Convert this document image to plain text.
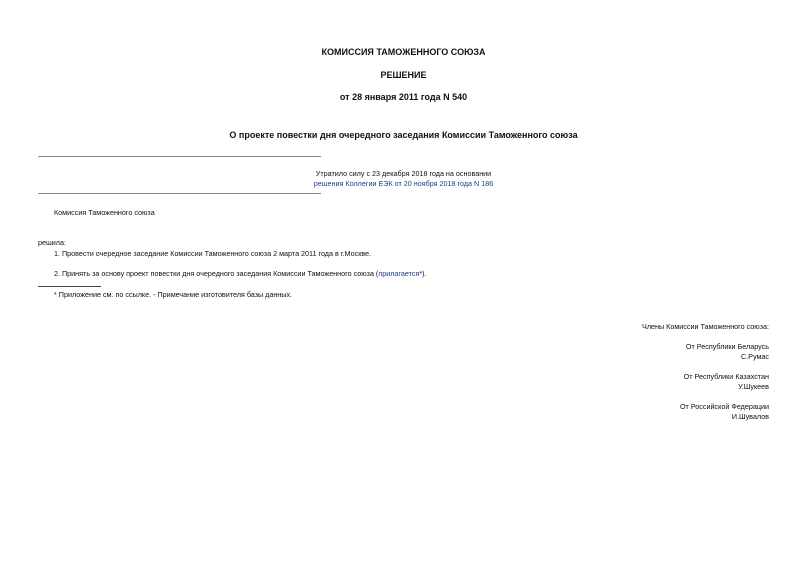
КОМИССИЯ ТАМОЖЕННОГО СОЮЗА
РЕШЕНИЕ
от 28 января 2011 года N 540
О проекте повестки дня очередного заседания Комиссии Таможенного союза
Утратило силу с 23 декабря 2018 года на основании
решения Коллегии ЕЭК от 20 ноября 2018 года N 186
Комиссия Таможенного союза
решила:
1. Провести очередное заседание Комиссии Таможенного союза 2 марта 2011 года в г.Москве.
2. Принять за основу проект повестки дня очередного заседания Комиссии Таможенного союза (прилагается*).
* Приложение см. по ссылке. - Примечание изготовителя базы данных.
Члены Комиссии Таможенного союза:
От Республики Беларусь
С.Румас
От Республики Казахстан
У.Шукеев
От Российской Федерации
И.Шувалов
